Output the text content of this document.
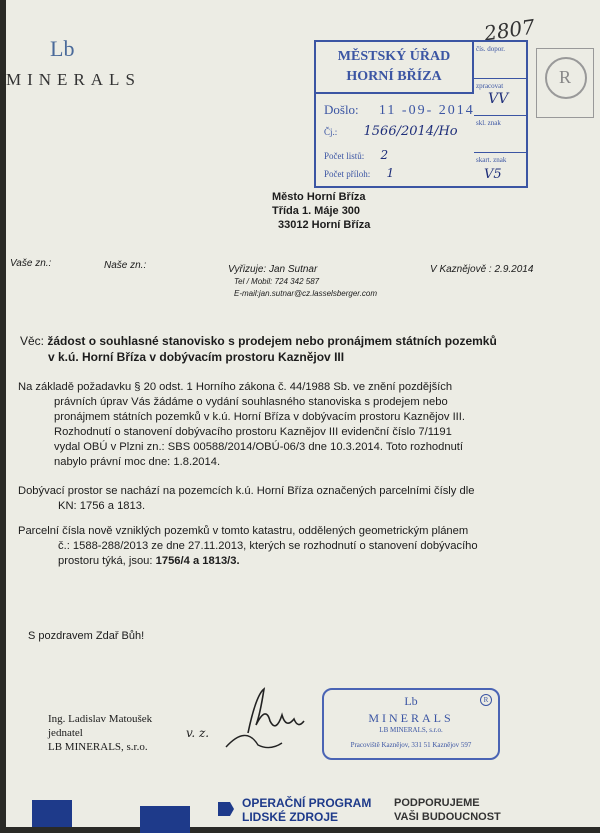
Lb
MINERALS
2807
MĚSTSKÝ ÚŘAD
HORNÍ BŘÍZA
čís. dopor.
zpracovat
VV
skl. znak
skart. znak
V5
Došlo: 11 -09- 2014
Čj.: 1566/2014/Ho
Počet listů: 2
Počet příloh: 1
R
Město Horní Bříza
Třída 1. Máje 300
33012 Horní Bříza
Vaše zn.:	Naše zn.:	Vyřizuje: Jan Sutnar	V Kaznějově : 2.9.2014
Tel / Mobil: 724 342 587
E-mail:jan.sutnar@cz.lasselsberger.com
Věc: žádost o souhlasné stanovisko s prodejem nebo pronájmem státních pozemků
v k.ú. Horní Bříza v dobývacím prostoru Kaznějov III
Na základě požadavku § 20 odst. 1 Horního zákona č. 44/1988 Sb. ve znění pozdějších
právních úprav Vás žádáme o vydání souhlasného stanoviska s prodejem nebo
pronájmem státních pozemků v k.ú. Horní Bříza v dobývacím prostoru Kaznějov III.
Rozhodnutí o stanovení dobývacího prostoru Kaznějov III evidenční číslo 7/1191
vydal OBÚ v Plzni zn.: SBS 00588/2014/OBÚ-06/3 dne 10.3.2014. Toto rozhodnutí
nabylo právní moc dne: 1.8.2014.
Dobývací prostor se nachází na pozemcích k.ú. Horní Bříza označených parcelními čísly dle
KN: 1756 a 1813.
Parcelní čísla nově vzniklých pozemků v tomto katastru, oddělených geometrickým plánem
č.: 1588-288/2013 ze dne 27.11.2013, kterých se rozhodnutí o stanovení dobývacího
prostoru týká, jsou: 1756/4 a 1813/3.
S pozdravem Zdař Bůh!
Ing. Ladislav Matoušek
jednatel
LB MINERALS, s.r.o.
v. z.
R
Lb
MINERALS
LB MINERALS, s.r.o.
Pracoviště Kaznějov, 331 51 Kaznějov 597
OPERAČNÍ PROGRAM
LIDSKÉ ZDROJE
PODPORUJEME
VAŠI BUDOUCNOST
